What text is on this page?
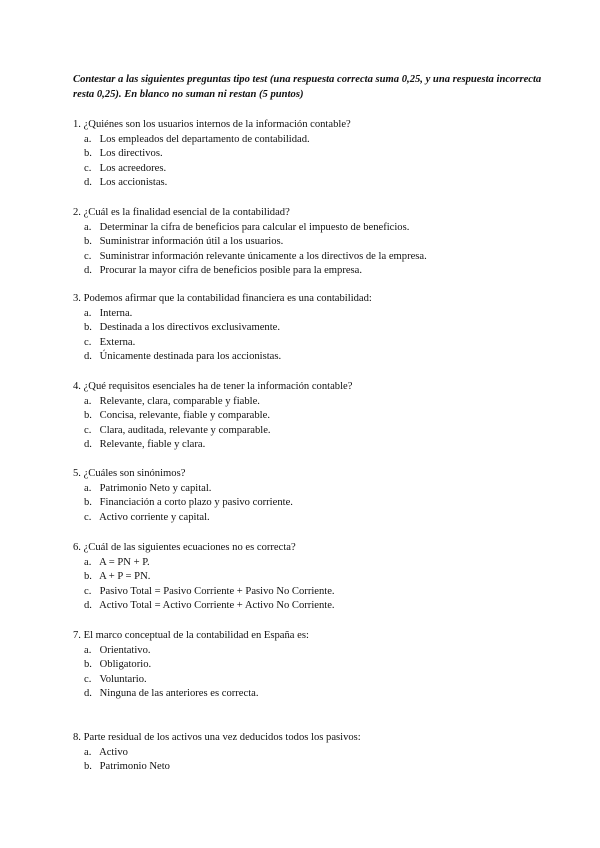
Contestar a las siguientes preguntas tipo test (una respuesta correcta suma 0,25, y una respuesta incorrecta resta 0,25). En blanco no suman ni restan (5 puntos)

1. ¿Quiénes son los usuarios internos de la información contable?

a. Los empleados del departamento de contabilidad.
b. Los directivos.
c. Los acreedores.
d. Los accionistas.

2. ¿Cuál es la finalidad esencial de la contabilidad?

a. Determinar la cifra de beneficios para calcular el impuesto de beneficios.
b. Suministrar información útil a los usuarios.
c. Suministrar información relevante únicamente a los directivos de la empresa.
d. Procurar la mayor cifra de beneficios posible para la empresa.

3. Podemos afirmar que la contabilidad financiera es una contabilidad:

a. Interna.
b. Destinada a los directivos exclusivamente.
c. Externa.
d. Únicamente destinada para los accionistas.

4. ¿Qué requisitos esenciales ha de tener la información contable?

a. Relevante, clara, comparable y fiable.
b. Concisa, relevante, fiable y comparable.
c. Clara, auditada, relevante y comparable.
d. Relevante, fiable y clara.

5. ¿Cuáles son sinónimos?

a. Patrimonio Neto y capital.
b. Financiación a corto plazo y pasivo corriente.
c. Activo corriente y capital.

6. ¿Cuál de las siguientes ecuaciones no es correcta?

a. A = PN + P.
b. A + P = PN.
c. Pasivo Total = Pasivo Corriente + Pasivo No Corriente.
d. Activo Total = Activo Corriente + Activo No Corriente.

7. El marco conceptual de la contabilidad en España es:

a. Orientativo.
b. Obligatorio.
c. Voluntario.
d. Ninguna de las anteriores es correcta.

8. Parte residual de los activos una vez deducidos todos los pasivos:

a. Activo
b. Patrimonio Neto
